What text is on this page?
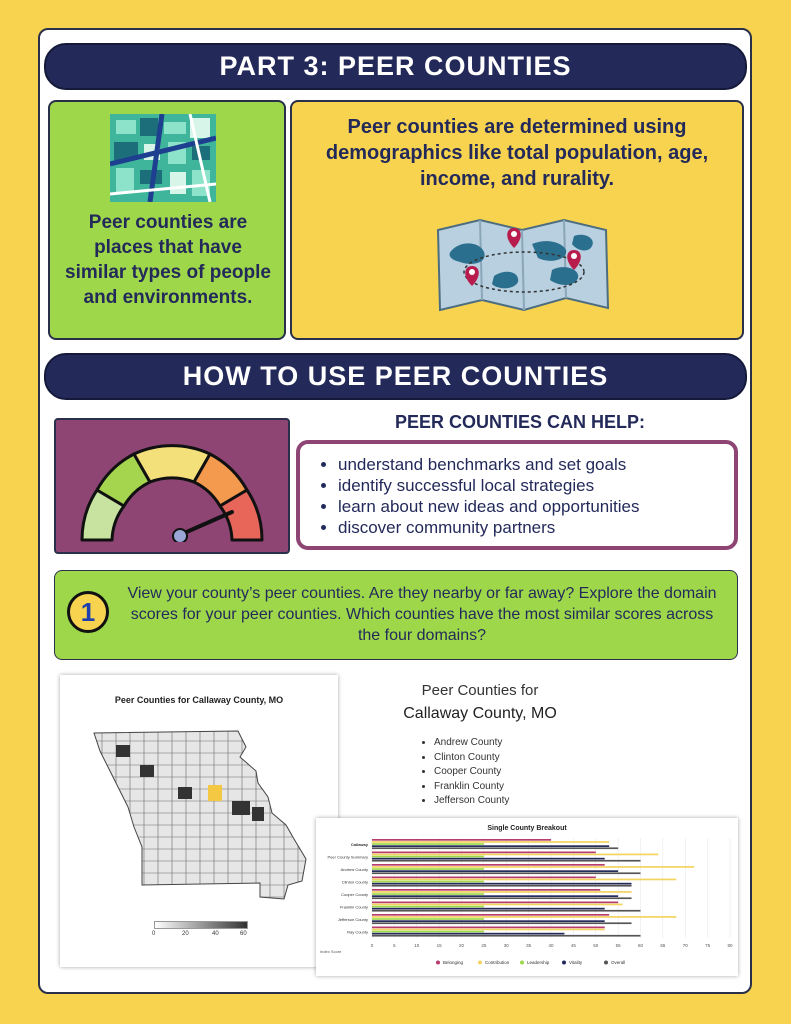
PART 3: PEER COUNTIES
Peer counties are places that have similar types of people and environments.
Peer counties are determined using demographics like total population, age, income, and rurality.
HOW TO USE PEER COUNTIES
PEER COUNTIES CAN HELP:
• understand benchmarks and set goals
• identify successful local strategies
• learn about new ideas and opportunities
• discover community partners
1
View your county’s peer counties. Are they nearby or far away? Explore the domain scores for your peer counties. Which counties have the most similar scores across the four domains?
Peer Counties for Callaway County, MO
0	20	40	60
Peer Counties for
Callaway County, MO
• Andrew County
• Clinton County
• Cooper County
• Franklin County
• Jefferson County
Single County Breakout
0	5	10	15	20	25	30	35	40	45	50	55	60	65	70	75	80
Index Score
Callaway
Peer County Summary
Andrew County
Clinton County
Cooper County
Franklin County
Jefferson County
Ray County
Belonging	Contribution	Leadership	Vitality	Overall
